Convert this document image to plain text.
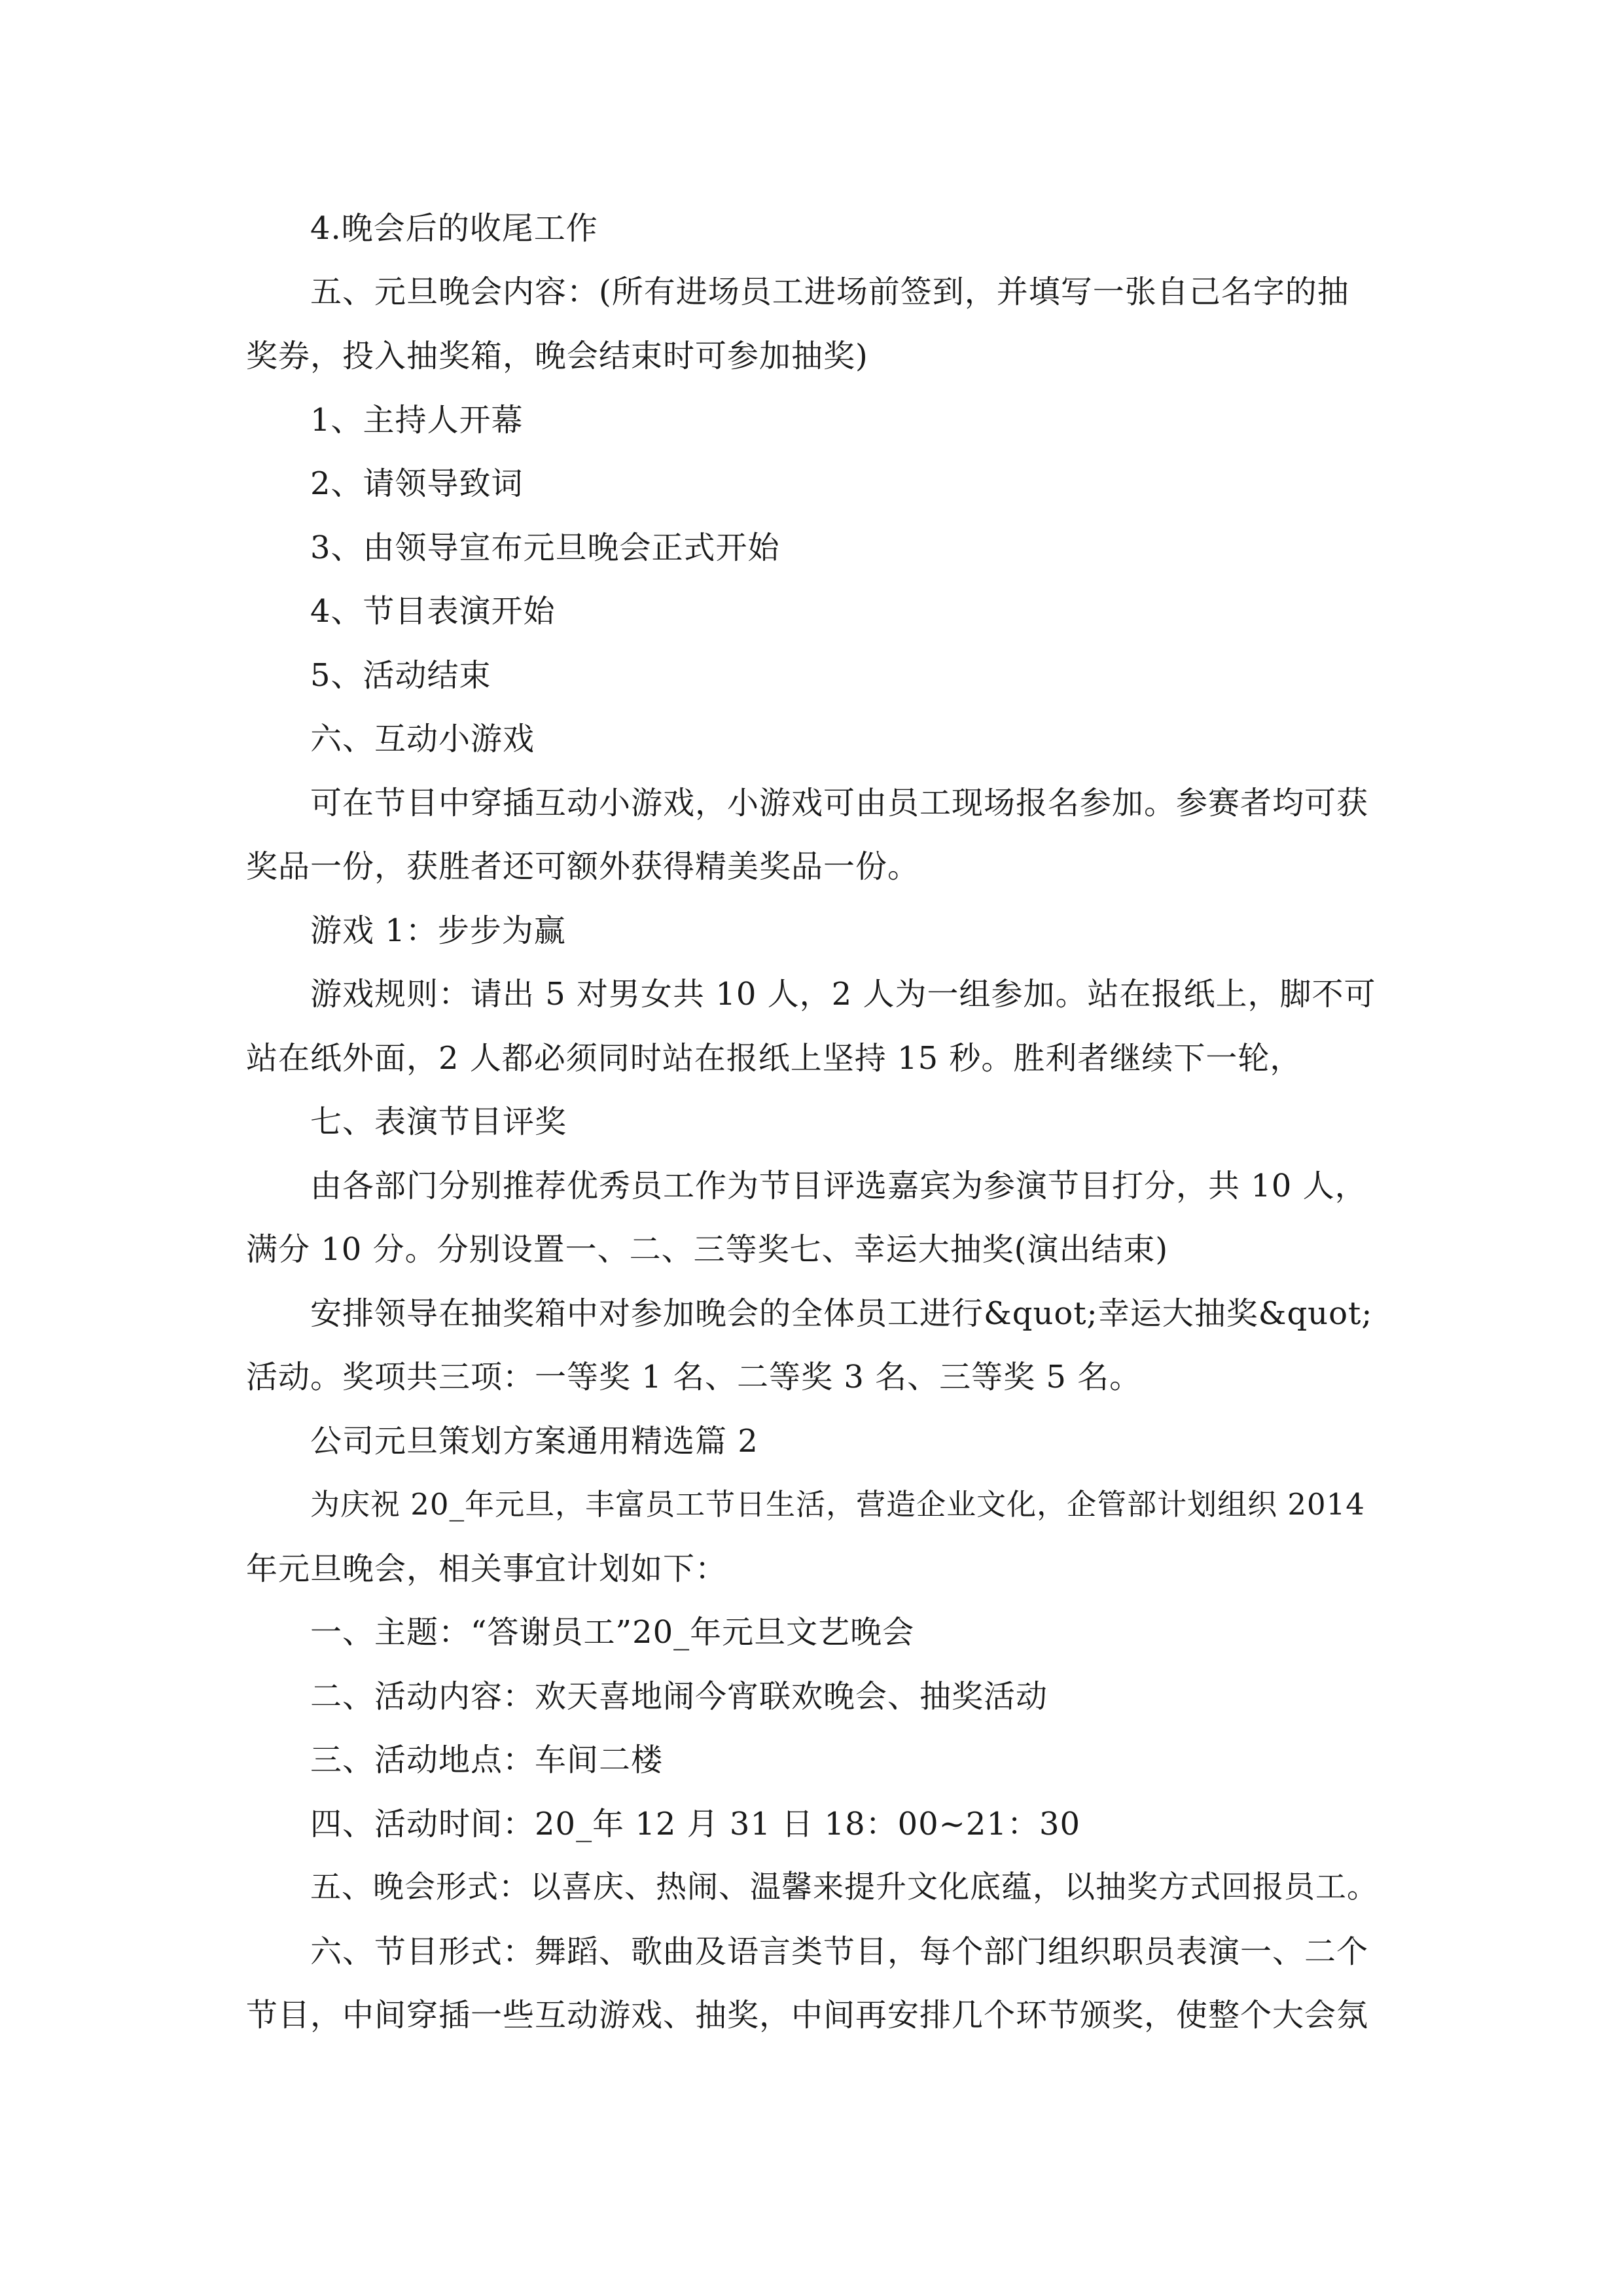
4.晚会后的收尾工作
五、元旦晚会内容：(所有进场员工进场前签到，并填写一张自己名字的抽
奖券，投入抽奖箱，晚会结束时可参加抽奖)
1、主持人开幕
2、请领导致词
3、由领导宣布元旦晚会正式开始
4、节目表演开始
5、活动结束
六、互动小游戏
可在节目中穿插互动小游戏，小游戏可由员工现场报名参加。参赛者均可获
奖品一份，获胜者还可额外获得精美奖品一份。
游戏 1：步步为赢
游戏规则：请出 5 对男女共 10 人，2 人为一组参加。站在报纸上，脚不可
站在纸外面，2 人都必须同时站在报纸上坚持 15 秒。胜利者继续下一轮，
七、表演节目评奖
由各部门分别推荐优秀员工作为节目评选嘉宾为参演节目打分，共 10 人，
满分 10 分。分别设置一、二、三等奖七、幸运大抽奖(演出结束)
安排领导在抽奖箱中对参加晚会的全体员工进行&quot;幸运大抽奖&quot;
活动。奖项共三项：一等奖 1 名、二等奖 3 名、三等奖 5 名。
公司元旦策划方案通用精选篇 2
为庆祝 20_年元旦，丰富员工节日生活，营造企业文化，企管部计划组织 2014
年元旦晚会，相关事宜计划如下：
一、主题：“答谢员工”20_年元旦文艺晚会
二、活动内容：欢天喜地闹今宵联欢晚会、抽奖活动
三、活动地点：车间二楼
四、活动时间：20_年 12 月 31 日 18：00~21：30
五、晚会形式：以喜庆、热闹、温馨来提升文化底蕴，以抽奖方式回报员工。
六、节目形式：舞蹈、歌曲及语言类节目，每个部门组织职员表演一、二个
节目，中间穿插一些互动游戏、抽奖，中间再安排几个环节颁奖，使整个大会氛
